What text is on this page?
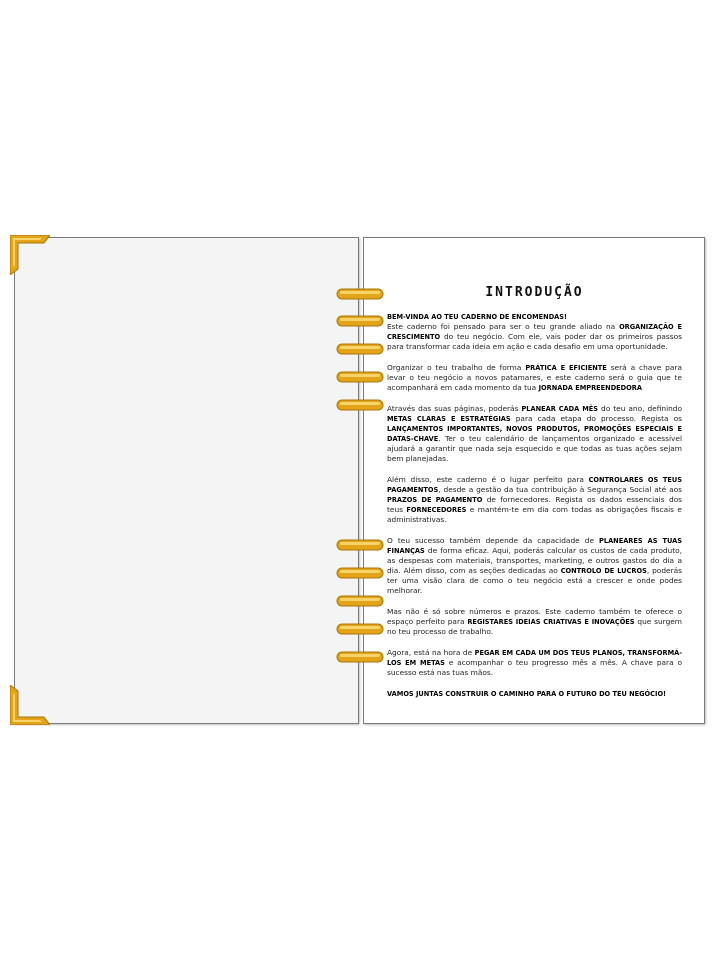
INTRODUÇÃO

BEM-VINDA AO TEU CADERNO DE ENCOMENDAS!
Este caderno foi pensado para ser o teu grande aliado na ORGANIZAÇÃO E CRESCIMENTO do teu negócio. Com ele, vais poder dar os primeiros passos para transformar cada ideia em ação e cada desafio em uma oportunidade.

Organizar o teu trabalho de forma PRÁTICA E EFICIENTE será a chave para levar o teu negócio a novos patamares, e este caderno será o guia que te acompanhará em cada momento da tua JORNADA EMPREENDEDORA

Através das suas páginas, poderás PLANEAR CADA MÊS do teu ano, definindo METAS CLARAS E ESTRATÉGIAS para cada etapa do processo. Regista os LANÇAMENTOS IMPORTANTES, NOVOS PRODUTOS, PROMOÇÕES ESPECIAIS E DATAS-CHAVE. Ter o teu calendário de lançamentos organizado e acessível ajudará a garantir que nada seja esquecido e que todas as tuas ações sejam bem planejadas.

Além disso, este caderno é o lugar perfeito para CONTROLARES OS TEUS PAGAMENTOS, desde a gestão da tua contribuição à Segurança Social até aos PRAZOS DE PAGAMENTO de fornecedores. Regista os dados essenciais dos teus FORNECEDORES e mantém-te em dia com todas as obrigações fiscais e administrativas.

O teu sucesso também depende da capacidade de PLANEARES AS TUAS FINANÇAS de forma eficaz. Aqui, poderás calcular os custos de cada produto, as despesas com materiais, transportes, marketing, e outros gastos do dia a dia. Além disso, com as seções dedicadas ao CONTROLO DE LUCROS, poderás ter uma visão clara de como o teu negócio está a crescer e onde podes melhorar.

Mas não é só sobre números e prazos. Este caderno também te oferece o espaço perfeito para REGISTARES IDEIAS CRIATIVAS E INOVAÇÕES que surgem no teu processo de trabalho.

Agora, está na hora de PEGAR EM CADA UM DOS TEUS PLANOS, TRANSFORMÁ-LOS EM METAS e acompanhar o teu progresso mês a mês. A chave para o sucesso está nas tuas mãos.

VAMOS JUNTAS CONSTRUIR O CAMINHO PARA O FUTURO DO TEU NEGÓCIO!
